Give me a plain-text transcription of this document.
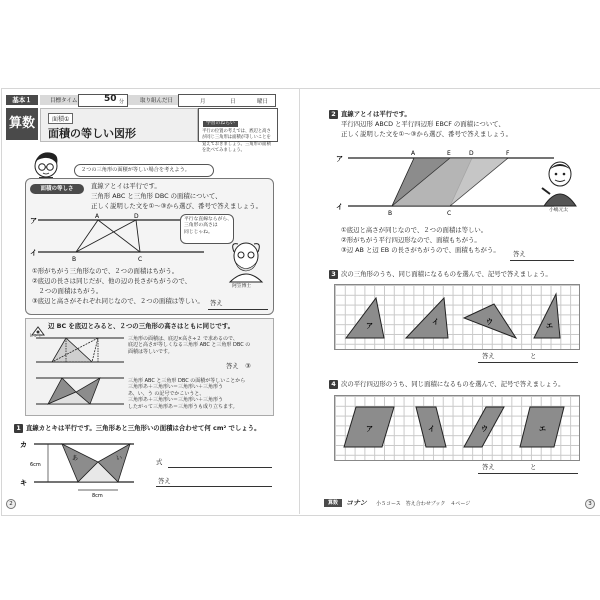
基本１	目標タイム	50 分	取り組んだ日	月	日	曜日
算数	面積①
面積の等しい図形
学習のねらい
平行の位置の考えでは、底辺と高さ
が同じ三角形は面積が等しいことを
覚えておきましょう。三角形の面積
を比べてみましょう。
２つの三角形の面積が等しい場合を考えよう。
面積の等しさ	直線アとイは平行です。
三角形 ABC と三角形 DBC の面積について、
正しく説明した文を①〜③から選び、番号で答えましょう。
ア
イ
A	D
B	C
平行な直線ならがら、
三角形の高さは
同じじゃね。
阿笠博士
①形がちがう三角形なので、２つの面積はちがう。
②底辺の長さは同じだが、他の辺の長さがちがうので、
　２つの面積はちがう。
③底辺と高さがそれぞれ同じなので、２つの面積は等しい。 答え
ヒント
辺 BC を底辺とみると、２つの三角形の高さはともに同じです。
三角形の面積は、底辺×高さ÷２ で求めるので、
底辺と高さが等しくなる三角形 ABC と三角形 DBC の
面積は等しいです。
答え　③
三角形 ABC と三角形 DBC の面積が等しいことから
三角形あ＋三角形い＝三角形い＋三角形う
あ、い、う の記号でかこいうと、
三角形あ＋三角形い＝三角形い＋三角形う
したがって三角形あ＝三角形うも成り立ちます。
1 直線カとキは平行です。三角形あと三角形いの面積は合わせて何 cm² でしょう。
カ
キ
6cm
8cm
あ	い	式
答え
2
2 直線アとイは平行です。
平行四辺形 ABCD と平行四辺形 EBCF の面積について、
正しく説明した文を①〜③から選び、番号で答えましょう。
ア
イ
A	E	D	F
B	C	小嶋元太
①底辺と高さが同じなので、２つの面積は等しい。
②形がちがう平行四辺形なので、面積もちがう。
③辺 AB と辺 EB の長さがちがうので、面積もちがう。 答え
3 次の三角形のうち、同じ面積になるものを選んで、記号で答えましょう。
ア	イ	ウ	エ
答え	と
4 次の平行四辺形のうち、同じ面積になるものを選んで、記号で答えましょう。
ア	イ	ウ	エ
答え	と
算数	コナン 小５コース　答え合わせブック　４ページ	3
